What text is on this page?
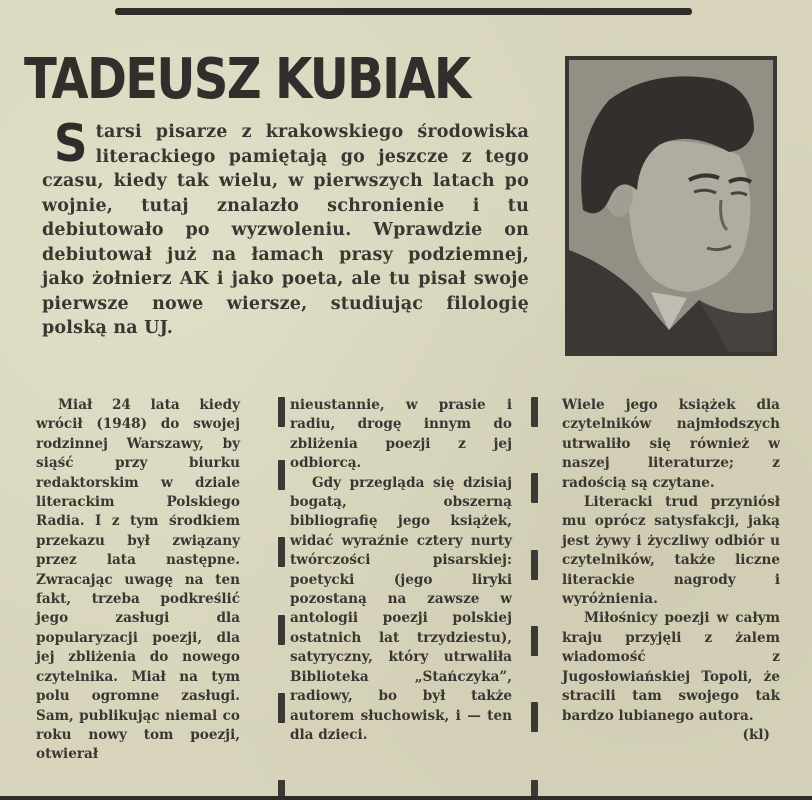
TADEUSZ KUBIAK
S tarsi pisarze z krakowskiego środowiska literackiego pamiętają go jeszcze z tego czasu, kiedy tak wielu, w pierwszych latach po wojnie, tutaj znalazło schronienie i tu debiutowało po wyzwoleniu. Wprawdzie on debiutował już na łamach prasy podziemnej, jako żołnierz AK i jako poeta, ale tu pisał swoje pierwsze nowe wiersze, studiując filologię polską na UJ.

Miał 24 lata kiedy wrócił (1948) do swojej rodzinnej Warszawy, by siąść przy biurku redaktorskim w dziale literackim Polskiego Radia. I z tym środkiem przekazu był związany przez lata następne. Zwracając uwagę na ten fakt, trzeba podkreślić jego zasługi dla popularyzacji poezji, dla jej zbliżenia do nowego czytelnika. Miał na tym polu ogromne zasługi. Sam, publikując niemal co roku nowy tom poezji, otwierał

nieustannie, w prasie i radiu, drogę innym do zbliżenia poezji z jej odbiorcą.

Gdy przegląda się dzisiaj bogatą, obszerną bibliografię jego książek, widać wyraźnie cztery nurty twórczości pisarskiej: poetycki (jego liryki pozostaną na zawsze w antologii poezji polskiej ostatnich lat trzydziestu), satyryczny, który utrwaliła Biblioteka „Stańczyka”, radiowy, bo był także autorem słuchowisk, i — ten dla dzieci.

Wiele jego książek dla czytelników najmłodszych utrwaliło się również w naszej literaturze; z radością są czytane.

Literacki trud przyniósł mu oprócz satysfakcji, jaką jest żywy i życzliwy odbiór u czytelników, także liczne literackie nagrody i wyróżnienia.

Miłośnicy poezji w całym kraju przyjęli z żalem wiadomość z Jugosłowiańskiej Topoli, że stracili tam swojego tak bardzo lubianego autora.

(kl)
